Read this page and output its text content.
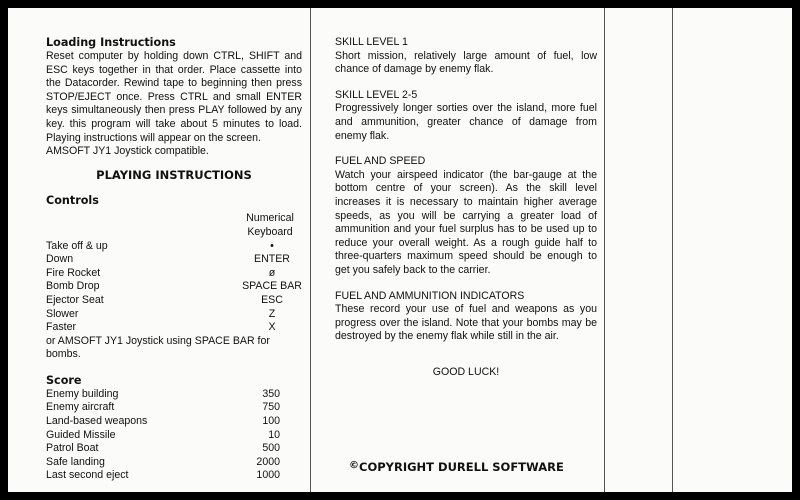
Loading Instructions

Reset computer by holding down CTRL, SHIFT and ESC keys together in that order. Place cassette into the Datacorder. Rewind tape to beginning then press STOP/EJECT once. Press CTRL and small ENTER keys simultaneously then press PLAY followed by any key. this program will take about 5 minutes to load. Playing instructions will appear on the screen.

AMSOFT JY1 Joystick compatible.

PLAYING INSTRUCTIONS
Controls
Numerical
Keyboard
Take off & up	•
Down	ENTER
Fire Rocket	ø
Bomb Drop	SPACE BAR
Ejector Seat	ESC
Slower	Z
Faster	X

or AMSOFT JY1 Joystick using SPACE BAR for bombs.

Score
Enemy building	350
Enemy aircraft	750
Land-based weapons	100
Guided Missile	10
Patrol Boat	500
Safe landing	2000
Last second eject	1000
SKILL LEVEL 1

Short mission, relatively large amount of fuel, low chance of damage by enemy flak.

SKILL LEVEL 2-5

Progressively longer sorties over the island, more fuel and ammunition, greater chance of damage from enemy flak.

FUEL AND SPEED

Watch your airspeed indicator (the bar-gauge at the bottom centre of your screen). As the skill level increases it is necessary to maintain higher average speeds, as you will be carrying a greater load of ammunition and your fuel surplus has to be used up to reduce your overall weight. As a rough guide half to three-quarters maximum speed should be enough to get you safely back to the carrier.

FUEL AND AMMUNITION INDICATORS

These record your use of fuel and weapons as you progress over the island. Note that your bombs may be destroyed by the enemy flak while still in the air.

GOOD LUCK!
©COPYRIGHT DURELL SOFTWARE
